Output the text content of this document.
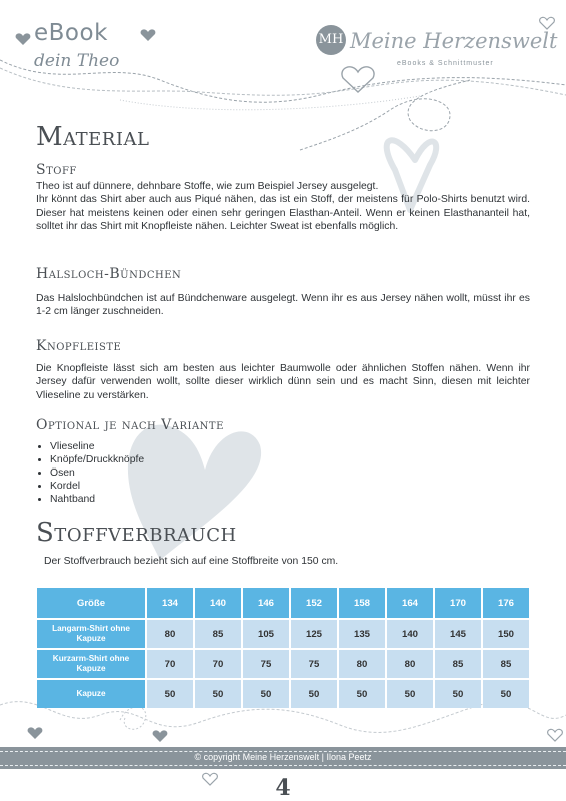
eBook
dein Theo
MH Meine Herzenswelt
eBooks & Schnittmuster
Material
Stoff
Theo ist auf dünnere, dehnbare Stoffe, wie zum Beispiel Jersey ausgelegt.
Ihr könnt das Shirt aber auch aus Piqué nähen, das ist ein Stoff, der meistens für Polo-Shirts benutzt wird. Dieser hat meistens keinen oder einen sehr geringen Elasthan-Anteil. Wenn er keinen Elasthananteil hat, solltet ihr das Shirt mit Knopfleiste nähen. Leichter Sweat ist ebenfalls möglich.
Halsloch-Bündchen
Das Halslochbündchen ist auf Bündchenware ausgelegt. Wenn ihr es aus Jersey nähen wollt, müsst ihr es 1-2 cm länger zuschneiden.
Knopfleiste
Die Knopfleiste lässt sich am besten aus leichter Baumwolle oder ähnlichen Stoffen nähen. Wenn ihr Jersey dafür verwenden wollt, sollte dieser wirklich dünn sein und es macht Sinn, diesen mit leichter Vlieseline zu verstärken.
Optional je nach Variante
• Vlieseline
• Knöpfe/Druckknöpfe
• Ösen
• Kordel
• Nahtband
Stoffverbrauch
Der Stoffverbrauch bezieht sich auf eine Stoffbreite von 150 cm.
Größe	134	140	146	152	158	164	170	176
Langarm-Shirt ohne Kapuze	80	85	105	125	135	140	145	150
Kurzarm-Shirt ohne Kapuze	70	70	75	75	80	80	85	85
Kapuze	50	50	50	50	50	50	50	50
© copyright Meine Herzenswelt | Ilona Peetz
4
